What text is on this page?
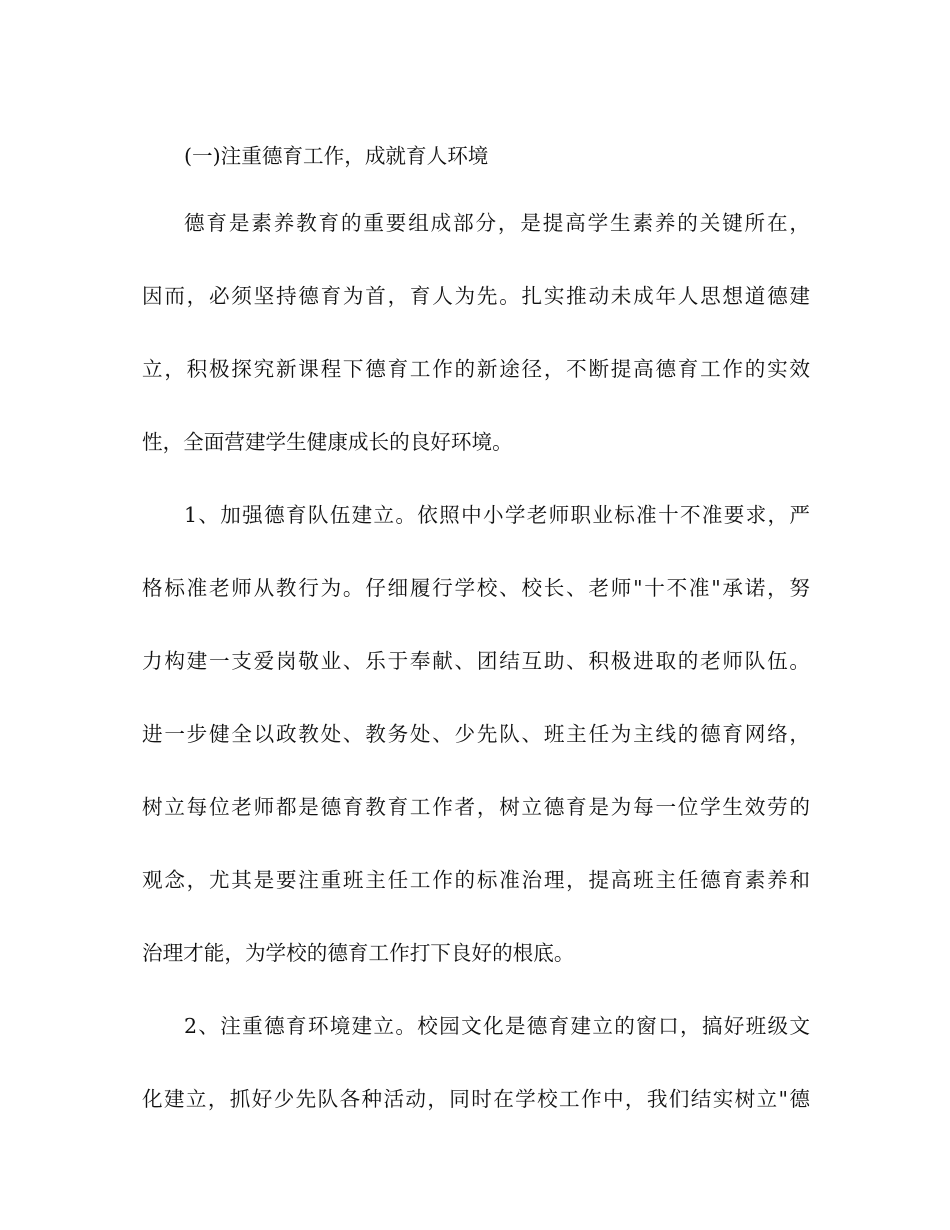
(一)注重德育工作，成就育人环境
德育是素养教育的重要组成部分，是提高学生素养的关键所在，
因而，必须坚持德育为首，育人为先。扎实推动未成年人思想道德建
立，积极探究新课程下德育工作的新途径，不断提高德育工作的实效
性，全面营建学生健康成长的良好环境。
1、加强德育队伍建立。依照中小学老师职业标准十不准要求，严
格标准老师从教行为。仔细履行学校、校长、老师"十不准"承诺，努
力构建一支爱岗敬业、乐于奉献、团结互助、积极进取的老师队伍。
进一步健全以政教处、教务处、少先队、班主任为主线的德育网络，
树立每位老师都是德育教育工作者，树立德育是为每一位学生效劳的
观念，尤其是要注重班主任工作的标准治理，提高班主任德育素养和
治理才能，为学校的德育工作打下良好的根底。
2、注重德育环境建立。校园文化是德育建立的窗口，搞好班级文
化建立，抓好少先队各种活动，同时在学校工作中，我们结实树立"德
